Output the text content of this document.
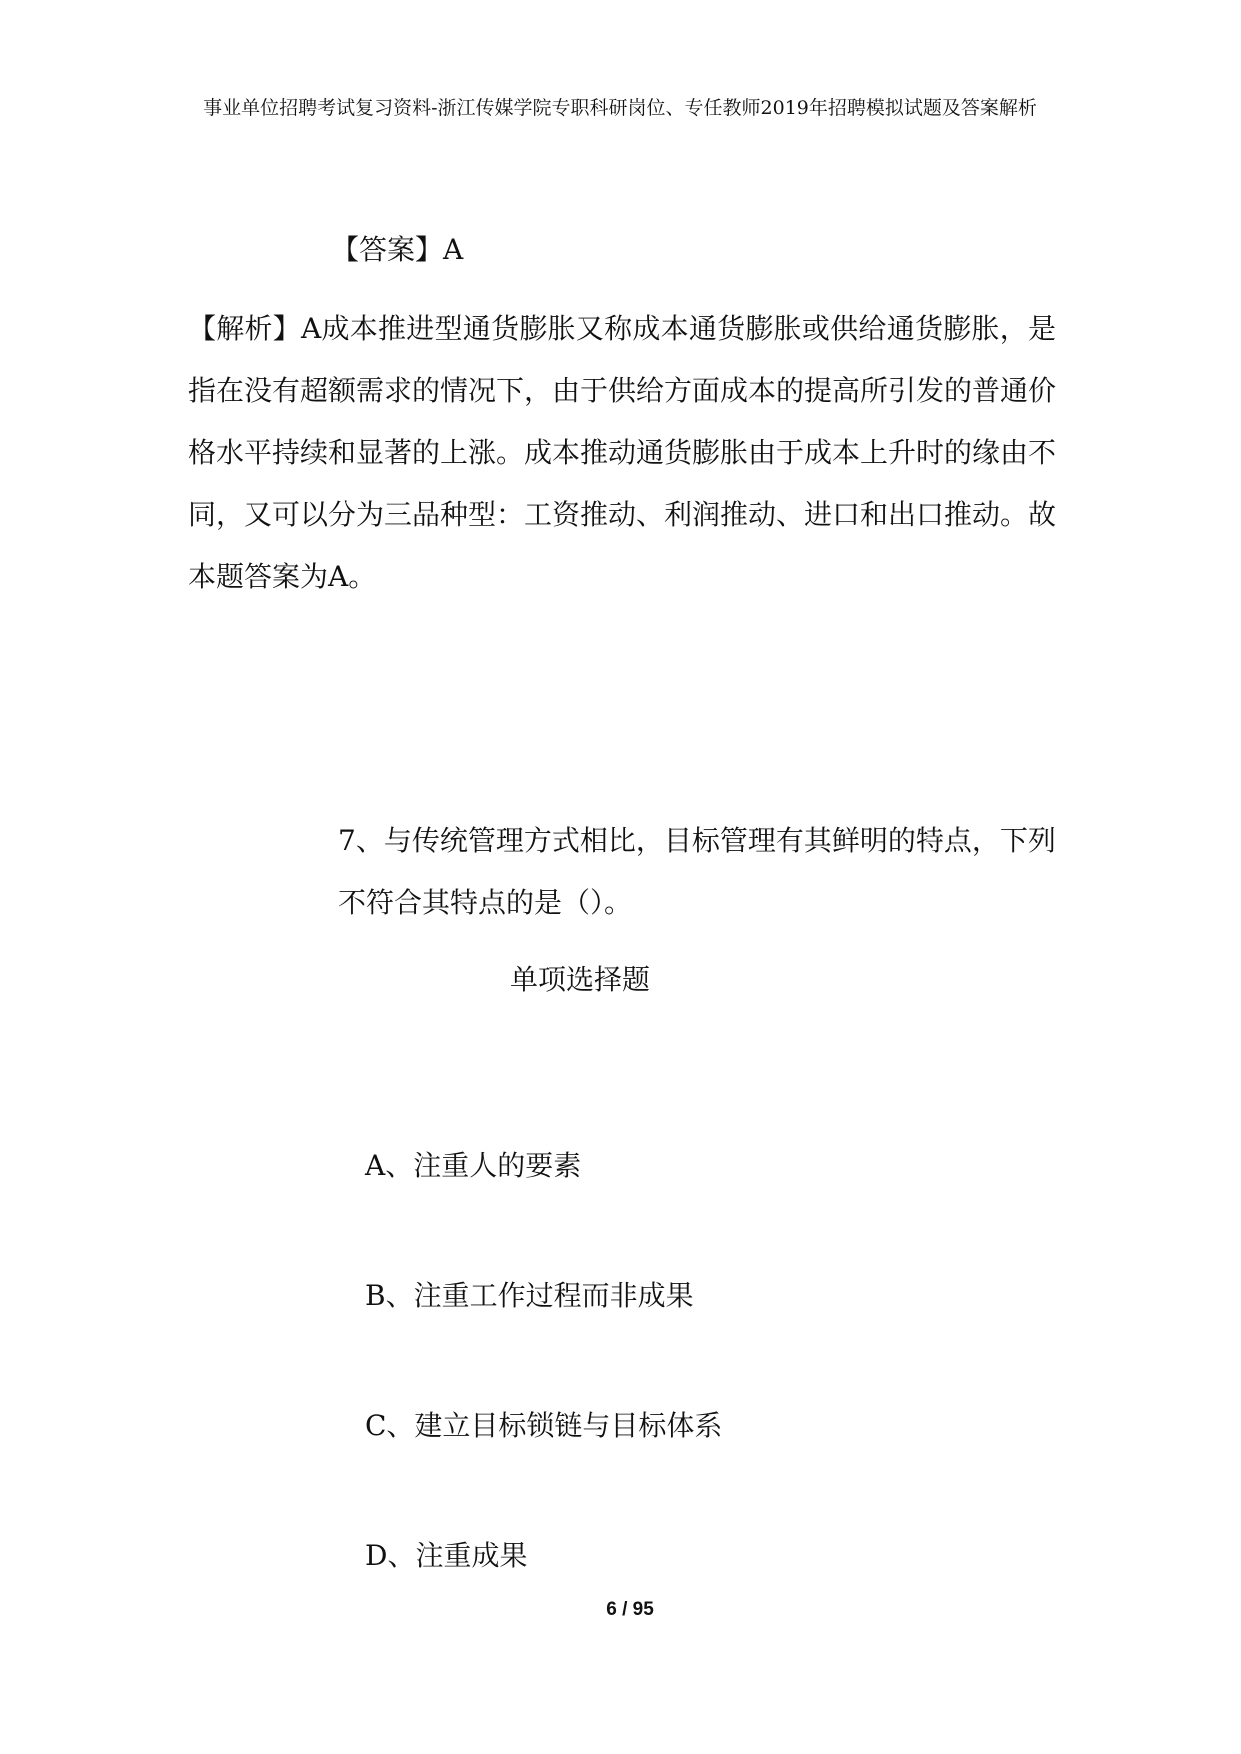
事业单位招聘考试复习资料-浙江传媒学院专职科研岗位、专任教师2019年招聘模拟试题及答案解析
【答案】A

【解析】A成本推进型通货膨胀又称成本通货膨胀或供给通货膨胀，是指在没有超额需求的情况下，由于供给方面成本的提高所引发的普通价格水平持续和显著的上涨。成本推动通货膨胀由于成本上升时的缘由不同，又可以分为三品种型：工资推动、利润推动、进口和出口推动。故本题答案为A。

7、与传统管理方式相比，目标管理有其鲜明的特点，下列不符合其特点的是（）。
单项选择题
A、注重人的要素
B、注重工作过程而非成果
C、建立目标锁链与目标体系
D、注重成果
6 / 95
